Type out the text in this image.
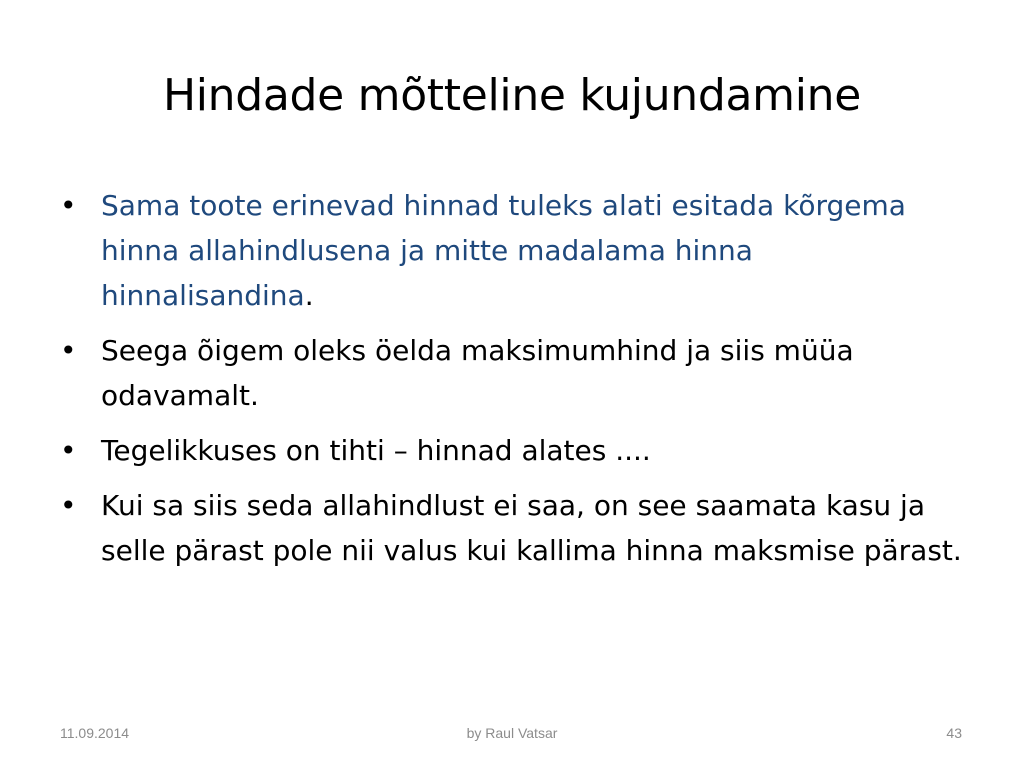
Hindade mõtteline kujundamine
• Sama toote erinevad hinnad tuleks alati esitada kõrgema hinna allahindlusena ja mitte madalama hinna hinnalisandina.
• Seega õigem oleks öelda maksimumhind ja siis müüa odavamalt.
• Tegelikkuses on tihti – hinnad alates ....
• Kui sa siis seda allahindlust ei saa, on see saamata kasu ja selle pärast pole nii valus kui kallima hinna maksmise pärast.
11.09.2014	by Raul Vatsar	43
